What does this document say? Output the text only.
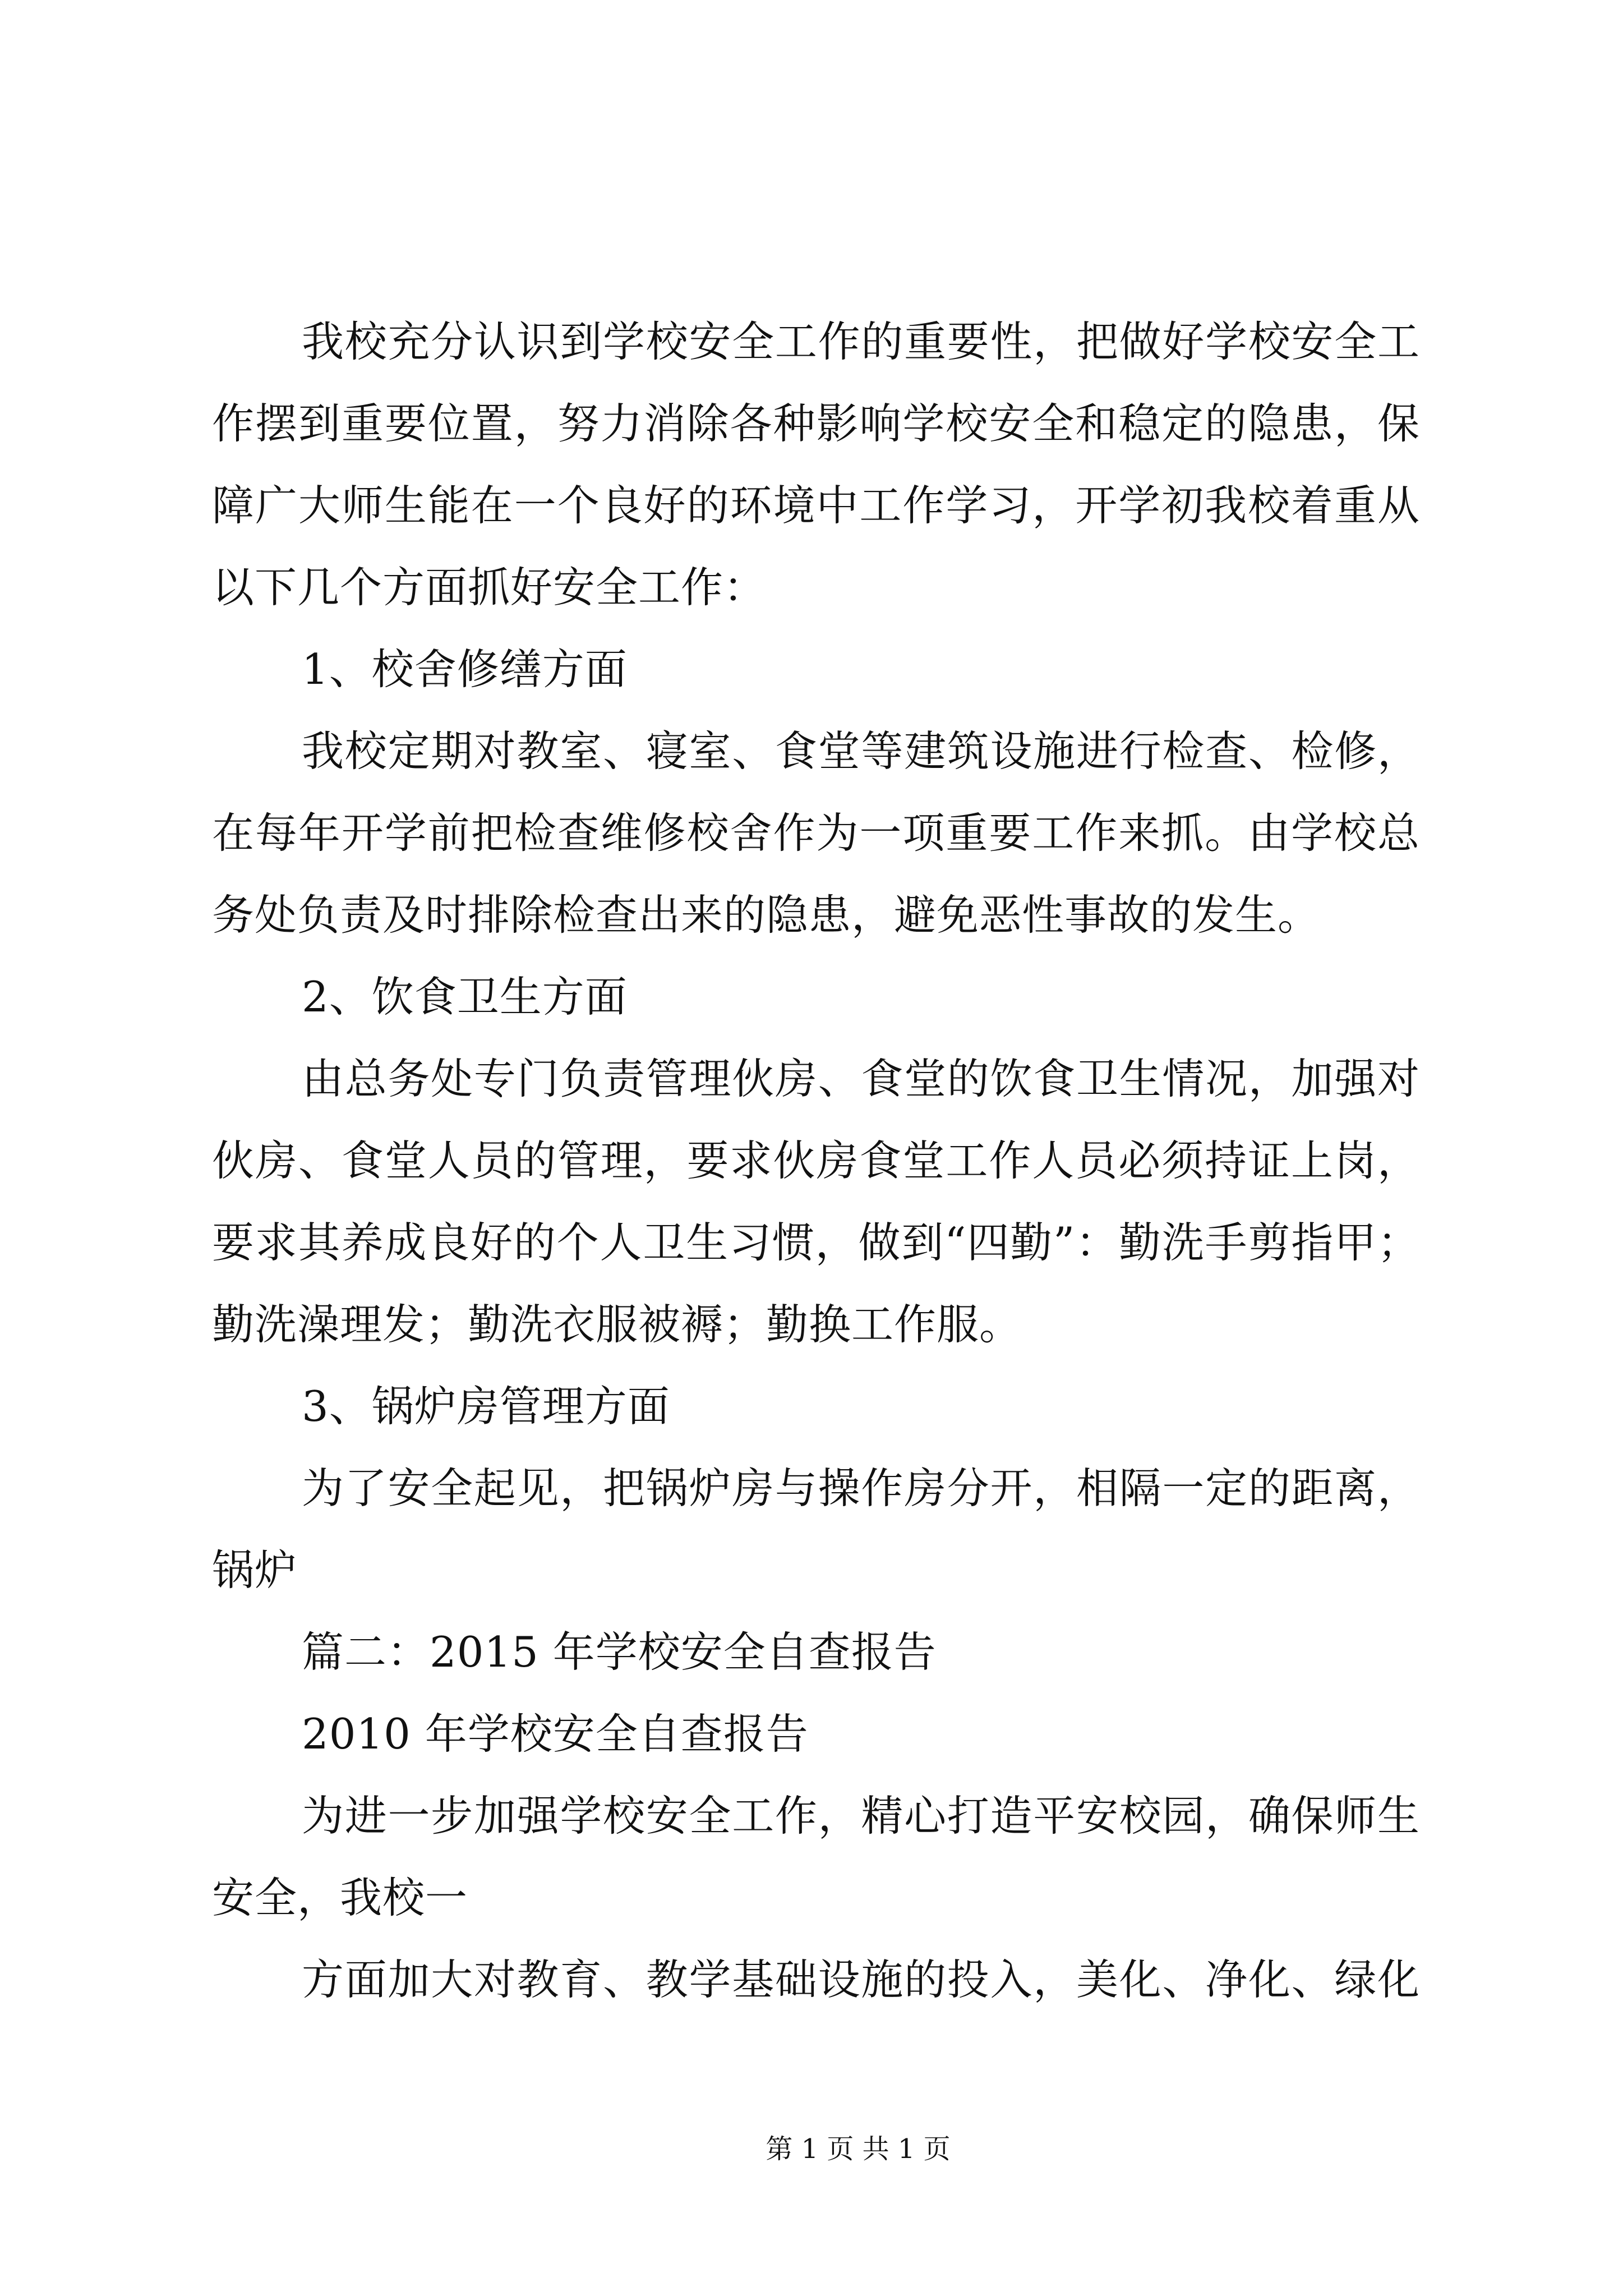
我校充分认识到学校安全工作的重要性，把做好学校安全工
作摆到重要位置，努力消除各种影响学校安全和稳定的隐患，保
障广大师生能在一个良好的环境中工作学习，开学初我校着重从
以下几个方面抓好安全工作：
1、校舍修缮方面
我校定期对教室、寝室、食堂等建筑设施进行检查、检修，
在每年开学前把检查维修校舍作为一项重要工作来抓。由学校总
务处负责及时排除检查出来的隐患，避免恶性事故的发生。
2、饮食卫生方面
由总务处专门负责管理伙房、食堂的饮食卫生情况，加强对
伙房、食堂人员的管理，要求伙房食堂工作人员必须持证上岗，
要求其养成良好的个人卫生习惯，做到“四勤”：勤洗手剪指甲；
勤洗澡理发；勤洗衣服被褥；勤换工作服。
3、锅炉房管理方面
为了安全起见，把锅炉房与操作房分开，相隔一定的距离，
锅炉
篇二：2015 年学校安全自查报告
2010 年学校安全自查报告
为进一步加强学校安全工作，精心打造平安校园，确保师生
安全，我校一
方面加大对教育、教学基础设施的投入，美化、净化、绿化
第 1 页 共 1 页
